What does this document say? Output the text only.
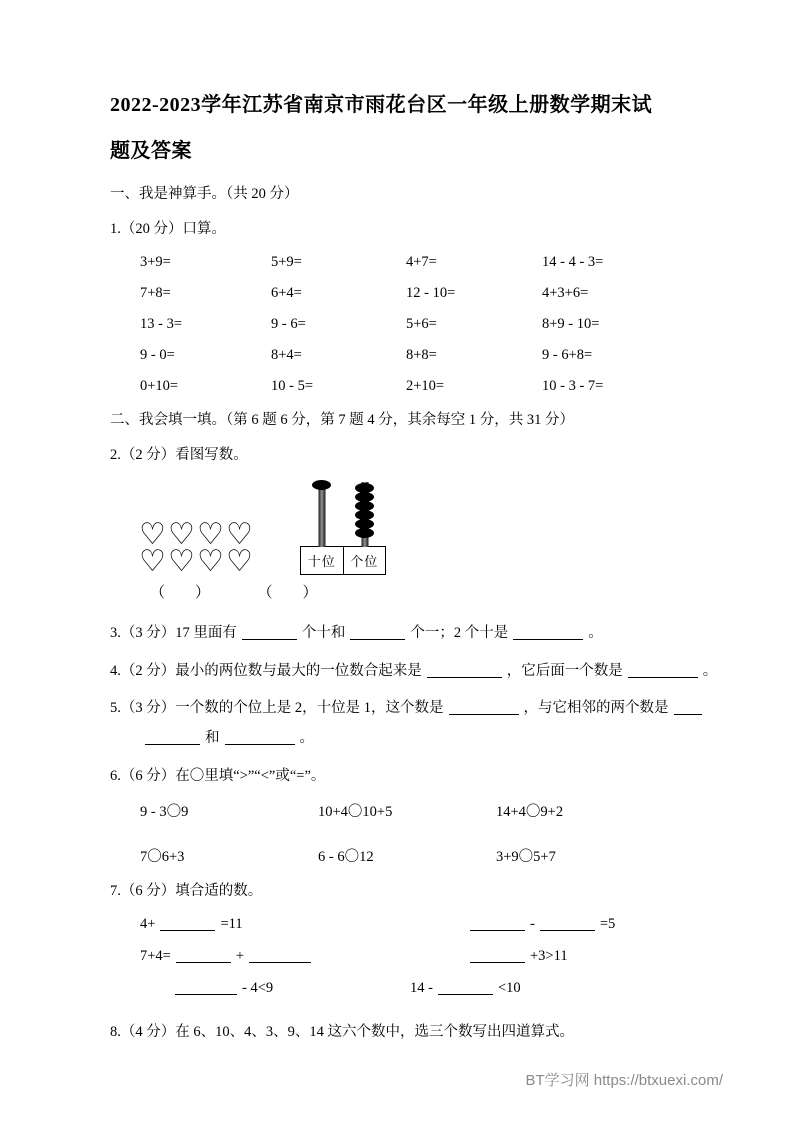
2022-2023学年江苏省南京市雨花台区一年级上册数学期末试题及答案
一、我是神算手。（共 20 分）
1.（20 分）口算。
3+9=	5+9=	4+7=	14 - 4 - 3=
7+8=	6+4=	12 - 10=	4+3+6=
13 - 3=	9 - 6=	5+6=	8+9 - 10=
9 - 0=	8+4=	8+8=	9 - 6+8=
0+10=	10 - 5=	2+10=	10 - 3 - 7=
二、我会填一填。（第 6 题 6 分，第 7 题 4 分，其余每空 1 分，共 31 分）
2.（2 分）看图写数。
♡♡♡♡
♡♡♡♡	十位	个位
（　　）	（　　）
3.（3 分）17 里面有	个十和	个一；2 个十是	。
4.（2 分）最小的两位数与最大的一位数合起来是	，它后面一个数是	。
5.（3 分）一个数的个位上是 2，十位是 1，这个数是	，与它相邻的两个数是
和	。
6.（6 分）在〇里填“>”“<”或“=”。
9 - 3〇9	10+4〇10+5	14+4〇9+2
7〇6+3	6 - 6〇12	3+9〇5+7
7.（6 分）填合适的数。
4+	=11	-	=5
7+4=	+	+3>11
- 4<9	14 -	<10
8.（4 分）在 6、10、4、3、9、14 这六个数中，选三个数写出四道算式。
BT学习网 https://btxuexi.com/
